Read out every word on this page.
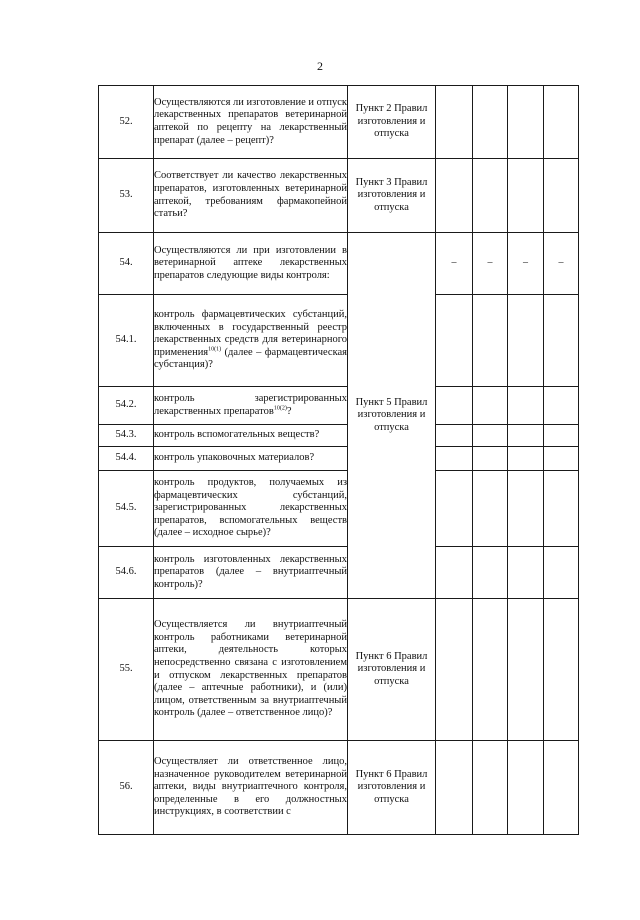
2
52.	Осуществляются ли изготовление и отпуск лекарственных препаратов ветеринарной аптекой по рецепту на лекарственный препарат (далее – рецепт)?	Пункт 2 Правил изготовления и отпуска				
53.	Соответствует ли качество лекарственных препаратов, изготовленных ветеринарной аптекой, требованиям фармакопейной статьи?	Пункт 3 Правил изготовления и отпуска				
54.	Осуществляются ли при изготовлении в ветеринарной аптеке лекарственных препаратов следующие виды контроля:	Пункт 5 Правил изготовления и отпуска	–	–	–	–
54.1.	контроль фармацевтических субстанций, включенных в государственный реестр лекарственных средств для ветеринарного применения$^{10(1)}$ (далее – фармацевтическая субстанция)?					
54.2.	контроль зарегистрированных лекарственных препаратов$^{10(2)}$?					
54.3.	контроль вспомогательных веществ?					
54.4.	контроль упаковочных материалов?					
54.5.	контроль продуктов, получаемых из фармацевтических субстанций, зарегистрированных лекарственных препаратов, вспомогательных веществ (далее – исходное сырье)?					
54.6.	контроль изготовленных лекарственных препаратов (далее – внутриаптечный контроль)?					
55.	Осуществляется ли внутриаптечный контроль работниками ветеринарной аптеки, деятельность которых непосредственно связана с изготовлением и отпуском лекарственных препаратов (далее – аптечные работники), и (или) лицом, ответственным за внутриаптечный контроль (далее – ответственное лицо)?	Пункт 6 Правил изготовления и отпуска				
56.	Осуществляет ли ответственное лицо, назначенное руководителем ветеринарной аптеки, виды внутриаптечного контроля, определенные в его должностных инструкциях, в соответствии с	Пункт 6 Правил изготовления и отпуска				
